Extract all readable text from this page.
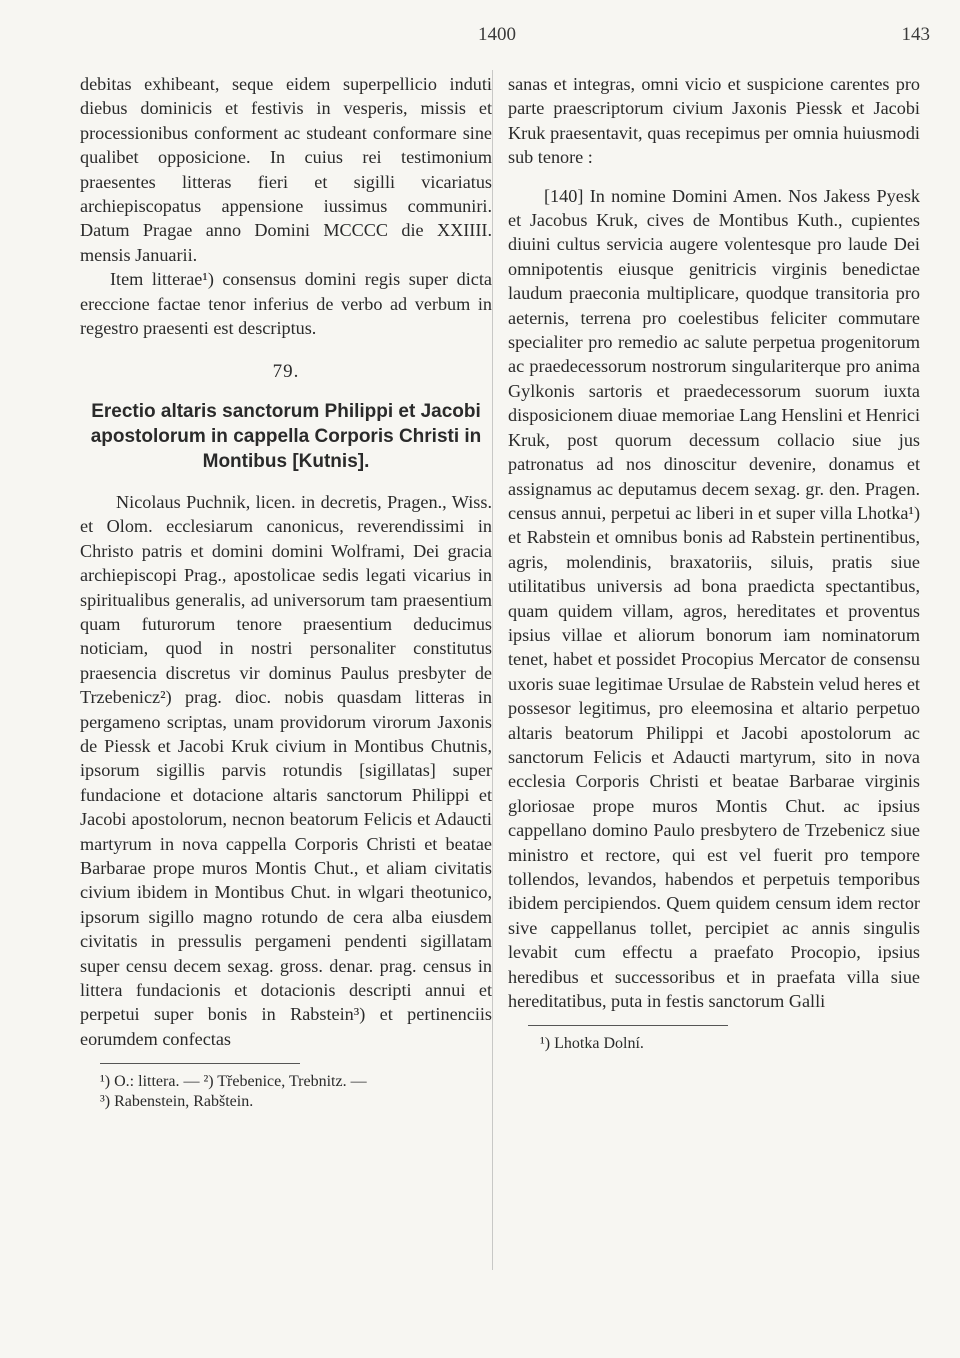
1400	143

debitas exhibeant, seque eidem superpellicio induti diebus dominicis et festivis in vesperis, missis et processionibus conforment ac studeant conformare sine qualibet opposicione. In cuius rei testimonium praesentes litteras fieri et sigilli vicariatus archiepiscopatus appensione iussimus communiri. Datum Pragae anno Domini MCCCC die XXIIII. mensis Januarii.

Item litterae¹) consensus domini regis super dicta ereccione factae tenor inferius de verbo ad verbum in regestro praesenti est descriptus.

79.
Erectio altaris sanctorum Philippi et Jacobi apostolorum in cappella Corporis Christi in Montibus [Kutnis].

Nicolaus Puchnik, licen. in decretis, Pragen., Wiss. et Olom. ecclesiarum canonicus, reverendissimi in Christo patris et domini domini Wolframi, Dei gracia archiepiscopi Prag., apostolicae sedis legati vicarius in spiritualibus generalis, ad universorum tam praesentium quam futurorum tenore praesentium deducimus noticiam, quod in nostri personaliter constitutus praesencia discretus vir dominus Paulus presbyter de Trzebenicz²) prag. dioc. nobis quasdam litteras in pergameno scriptas, unam providorum virorum Jaxonis de Piessk et Jacobi Kruk civium in Montibus Chutnis, ipsorum sigillis parvis rotundis [sigillatas] super fundacione et dotacione altaris sanctorum Philippi et Jacobi apostolorum, necnon beatorum Felicis et Adaucti martyrum in nova cappella Corporis Christi et beatae Barbarae prope muros Montis Chut., et aliam civitatis civium ibidem in Montibus Chut. in wlgari theotunico, ipsorum sigillo magno rotundo de cera alba eiusdem civitatis in pressulis pergameni pendenti sigillatam super censu decem sexag. gross. denar. prag. census in littera fundacionis et dotacionis descripti annui et perpetui super bonis in Rabstein³) et pertinenciis eorumdem confectas

¹) O.: littera. — ²) Třebenice, Trebnitz. —
³) Rabenstein, Rabštein.

sanas et integras, omni vicio et suspicione carentes pro parte praescriptorum civium Jaxonis Piessk et Jacobi Kruk praesentavit, quas recepimus per omnia huiusmodi sub tenore :

[140] In nomine Domini Amen. Nos Jakess Pyesk et Jacobus Kruk, cives de Montibus Kuth., cupientes diuini cultus servicia augere volentesque pro laude Dei omnipotentis eiusque genitricis virginis benedictae laudum praeconia multiplicare, quodque transitoria pro aeternis, terrena pro coelestibus feliciter commutare specialiter pro remedio ac salute perpetua progenitorum ac praedecessorum nostrorum singulariterque pro anima Gylkonis sartoris et praedecessorum suorum iuxta disposicionem diuae memoriae Lang Henslini et Henrici Kruk, post quorum decessum collacio siue jus patronatus ad nos dinoscitur devenire, donamus et assignamus ac deputamus decem sexag. gr. den. Pragen. census annui, perpetui ac liberi in et super villa Lhotka¹) et Rabstein et omnibus bonis ad Rabstein pertinentibus, agris, molendinis, braxatoriis, siluis, pratis siue utilitatibus universis ad bona praedicta spectantibus, quam quidem villam, agros, hereditates et proventus ipsius villae et aliorum bonorum iam nominatorum tenet, habet et possidet Procopius Mercator de consensu uxoris suae legitimae Ursulae de Rabstein velud heres et possesor legitimus, pro eleemosina et altario perpetuo altaris beatorum Philippi et Jacobi apostolorum ac sanctorum Felicis et Adaucti martyrum, sito in nova ecclesia Corporis Christi et beatae Barbarae virginis gloriosae prope muros Montis Chut. ac ipsius cappellano domino Paulo presbytero de Trzebenicz siue ministro et rectore, qui est vel fuerit pro tempore tollendos, levandos, habendos et perpetuis temporibus ibidem percipiendos. Quem quidem censum idem rector sive cappellanus tollet, percipiet ac annis singulis levabit cum effectu a praefato Procopio, ipsius heredibus et successoribus et in praefata villa siue hereditatibus, puta in festis sanctorum Galli

¹) Lhotka Dolní.
